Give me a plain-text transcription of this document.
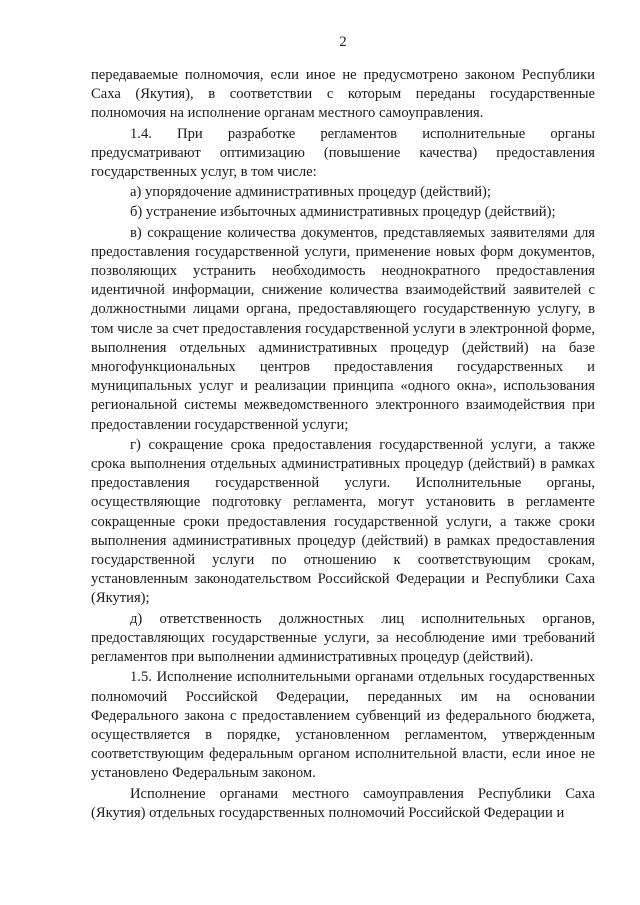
2

передаваемые полномочия, если иное не предусмотрено законом Республики Саха (Якутия), в соответствии с которым переданы государственные полномочия на исполнение органам местного самоуправления.

1.4. При разработке регламентов исполнительные органы предусматривают оптимизацию (повышение качества) предоставления государственных услуг, в том числе:

а) упорядочение административных процедур (действий);

б) устранение избыточных административных процедур (действий);

в) сокращение количества документов, представляемых заявителями для предоставления государственной услуги, применение новых форм документов, позволяющих устранить необходимость неоднократного предоставления идентичной информации, снижение количества взаимодействий заявителей с должностными лицами органа, предоставляющего государственную услугу, в том числе за счет предоставления государственной услуги в электронной форме, выполнения отдельных административных процедур (действий) на базе многофункциональных центров предоставления государственных и муниципальных услуг и реализации принципа «одного окна», использования региональной системы межведомственного электронного взаимодействия при предоставлении государственной услуги;

г) сокращение срока предоставления государственной услуги, а также срока выполнения отдельных административных процедур (действий) в рамках предоставления государственной услуги. Исполнительные органы, осуществляющие подготовку регламента, могут установить в регламенте сокращенные сроки предоставления государственной услуги, а также сроки выполнения административных процедур (действий) в рамках предоставления государственной услуги по отношению к соответствующим срокам, установленным законодательством Российской Федерации и Республики Саха (Якутия);

д) ответственность должностных лиц исполнительных органов, предоставляющих государственные услуги, за несоблюдение ими требований регламентов при выполнении административных процедур (действий).

1.5. Исполнение исполнительными органами отдельных государственных полномочий Российской Федерации, переданных им на основании Федерального закона с предоставлением субвенций из федерального бюджета, осуществляется в порядке, установленном регламентом, утвержденным соответствующим федеральным органом исполнительной власти, если иное не установлено Федеральным законом.

Исполнение органами местного самоуправления Республики Саха (Якутия) отдельных государственных полномочий Российской Федерации и
